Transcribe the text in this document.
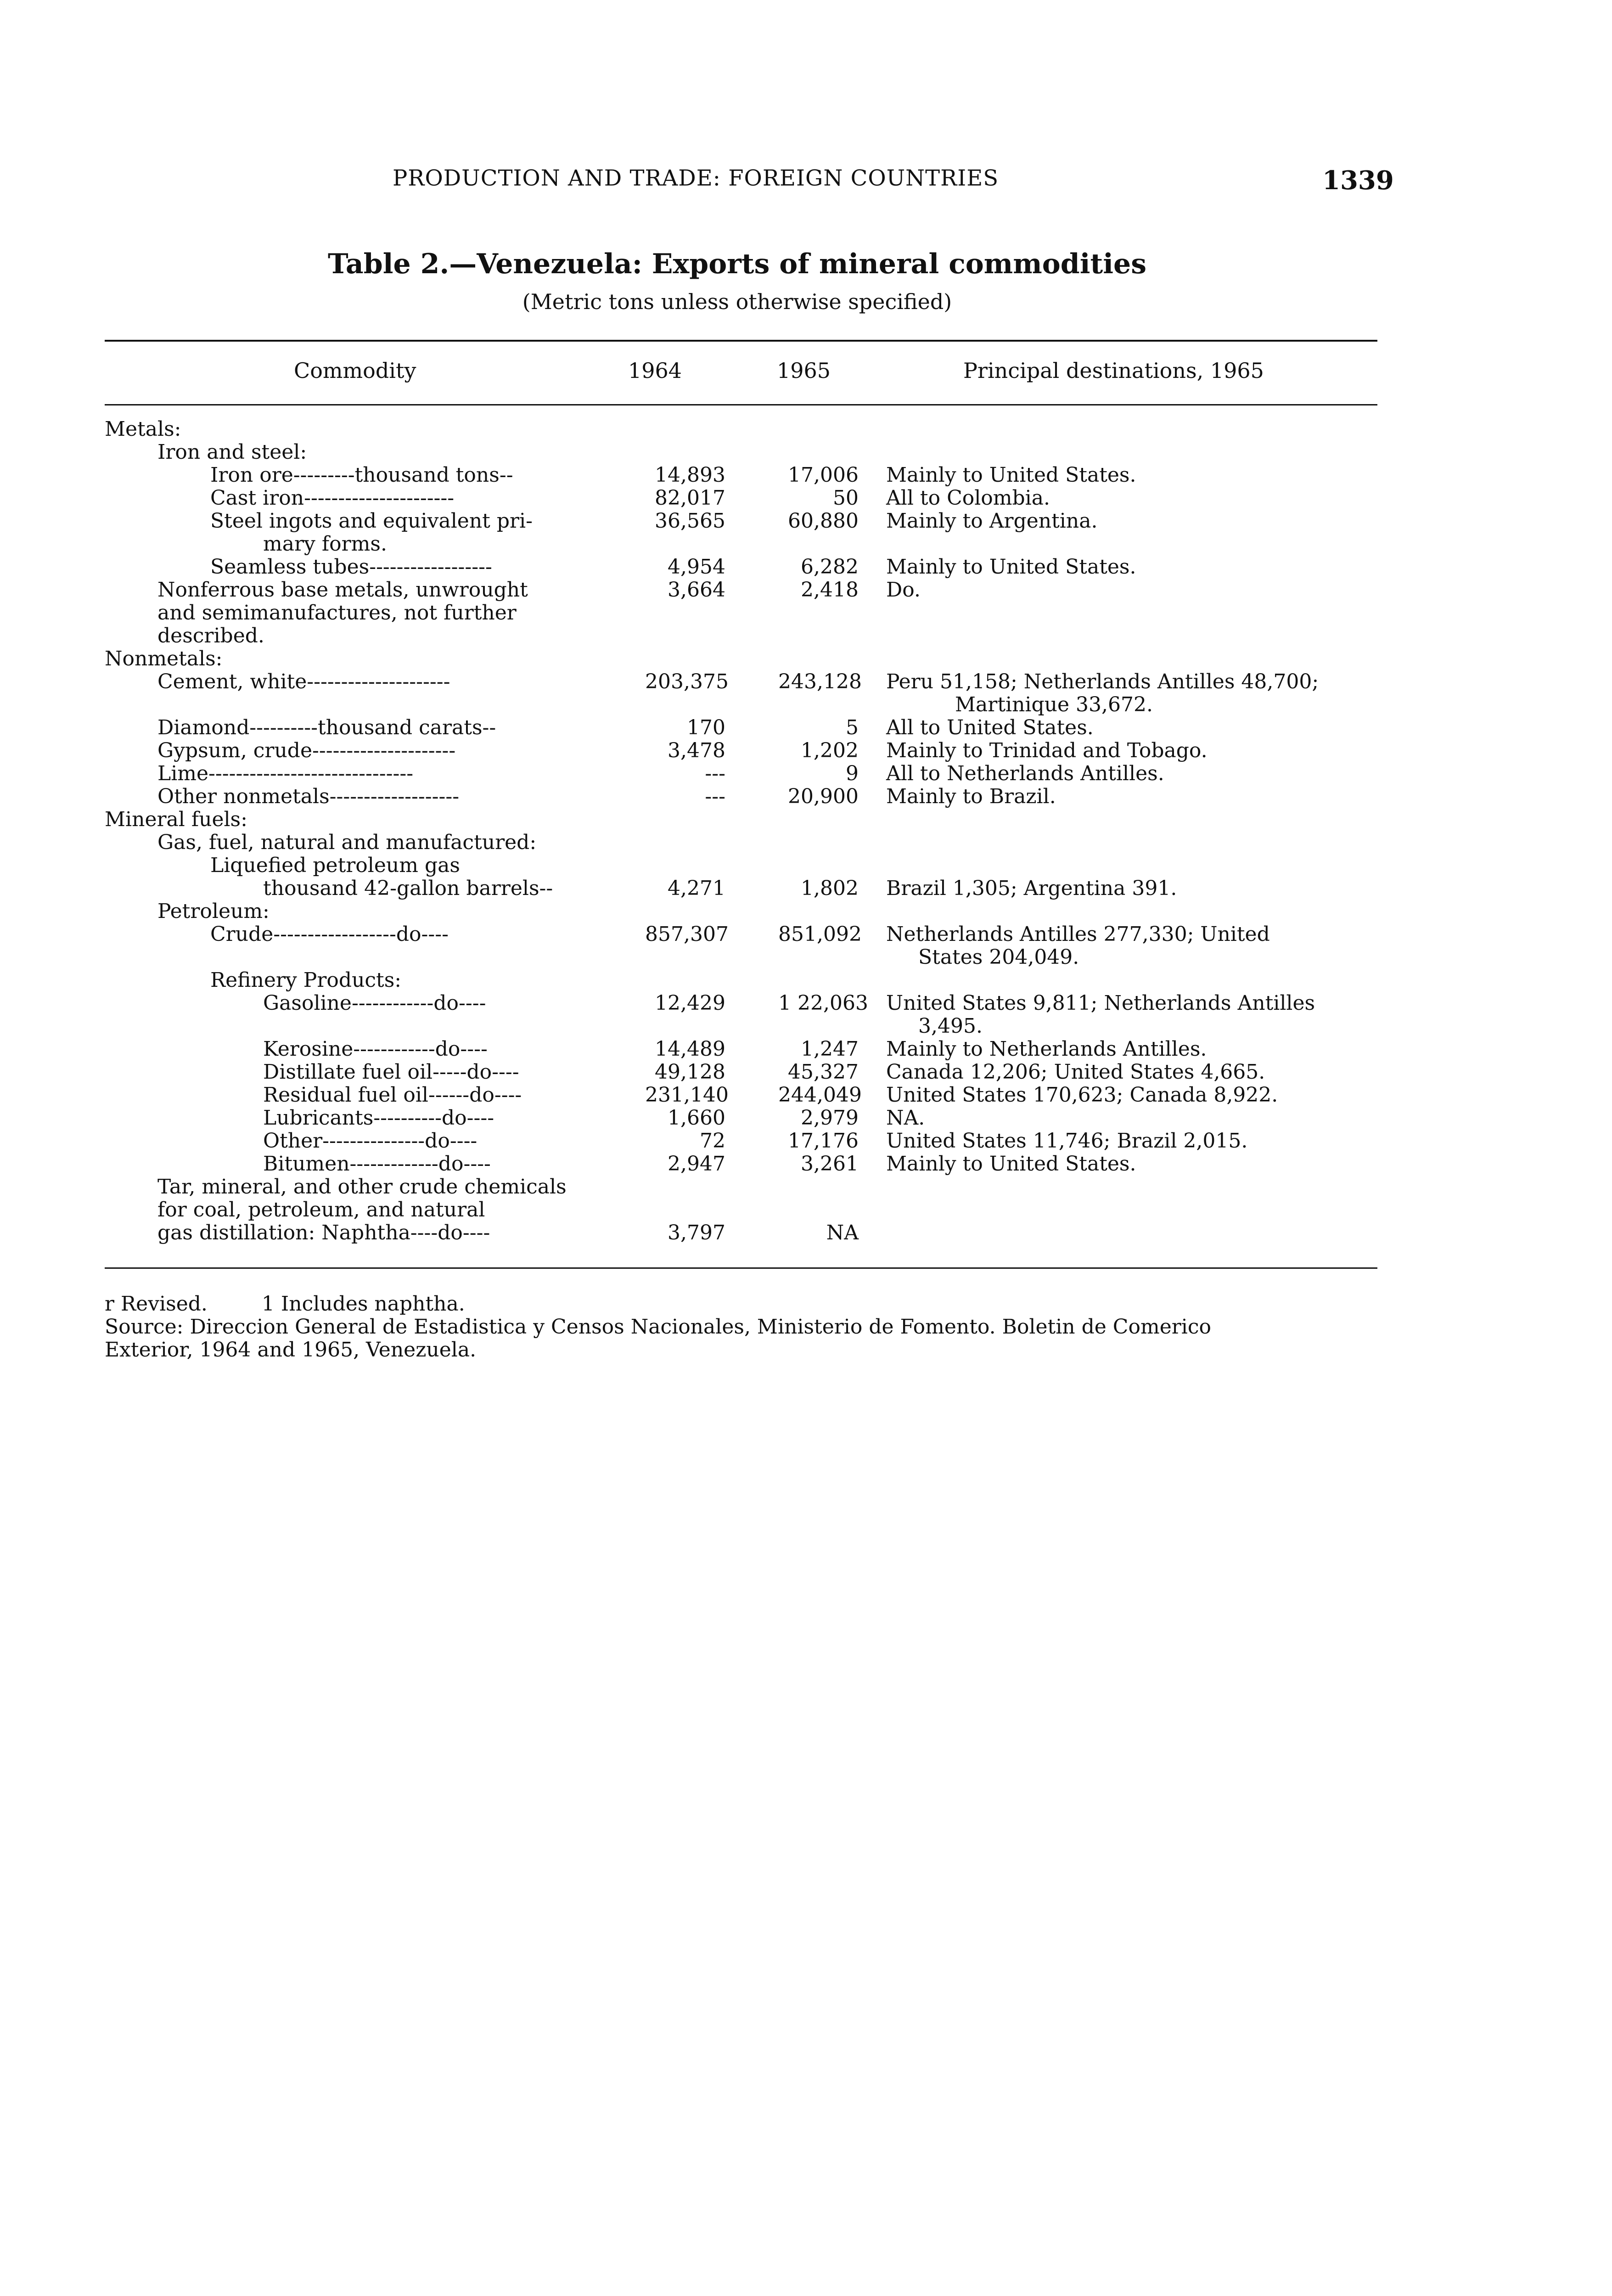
PRODUCTION AND TRADE: FOREIGN COUNTRIES	1339
Table 2.—Venezuela: Exports of mineral commodities
(Metric tons unless otherwise specified)
Commodity	1964	1965	Principal destinations, 1965
Metals:
Iron and steel:
Iron ore---------thousand tons--	14,893	17,006 Mainly to United States.
Cast iron----------------------	82,017	50 All to Colombia.
Steel ingots and equivalent pri-	36,565	60,880 Mainly to Argentina.
mary forms.
Seamless tubes------------------	4,954	6,282 Mainly to United States.
Nonferrous base metals, unwrought	3,664	2,418 Do.
and semimanufactures, not further
described.
Nonmetals:
Cement, white---------------------	203,375 243,128 Peru 51,158; Netherlands Antilles 48,700;
Martinique 33,672.
Diamond----------thousand carats--	170	5 All to United States.
Gypsum, crude---------------------	3,478	1,202 Mainly to Trinidad and Tobago.
Lime------------------------------	---	9 All to Netherlands Antilles.
Other nonmetals-------------------	---	20,900 Mainly to Brazil.
Mineral fuels:
Gas, fuel, natural and manufactured:
Liquefied petroleum gas
thousand 42-gallon barrels--	4,271	1,802 Brazil 1,305; Argentina 391.
Petroleum:
Crude------------------do----	857,307 851,092 Netherlands Antilles 277,330; United
States 204,049.
Refinery Products:
Gasoline------------do----	12,429	1 22,063 United States 9,811; Netherlands Antilles
3,495.
Kerosine------------do----	14,489	1,247 Mainly to Netherlands Antilles.
Distillate fuel oil-----do----	49,128	45,327 Canada 12,206; United States 4,665.
Residual fuel oil------do----	231,140 244,049 United States 170,623; Canada 8,922.
Lubricants----------do----	1,660	2,979 NA.
Other---------------do----	72	17,176 United States 11,746; Brazil 2,015.
Bitumen-------------do----	2,947	3,261 Mainly to United States.
Tar, mineral, and other crude chemicals
for coal, petroleum, and natural
gas distillation: Naphtha----do----	3,797	NA
r Revised.	1 Includes naphtha.
Source: Direccion General de Estadistica y Censos Nacionales, Ministerio de Fomento. Boletin de Comerico
Exterior, 1964 and 1965, Venezuela.
